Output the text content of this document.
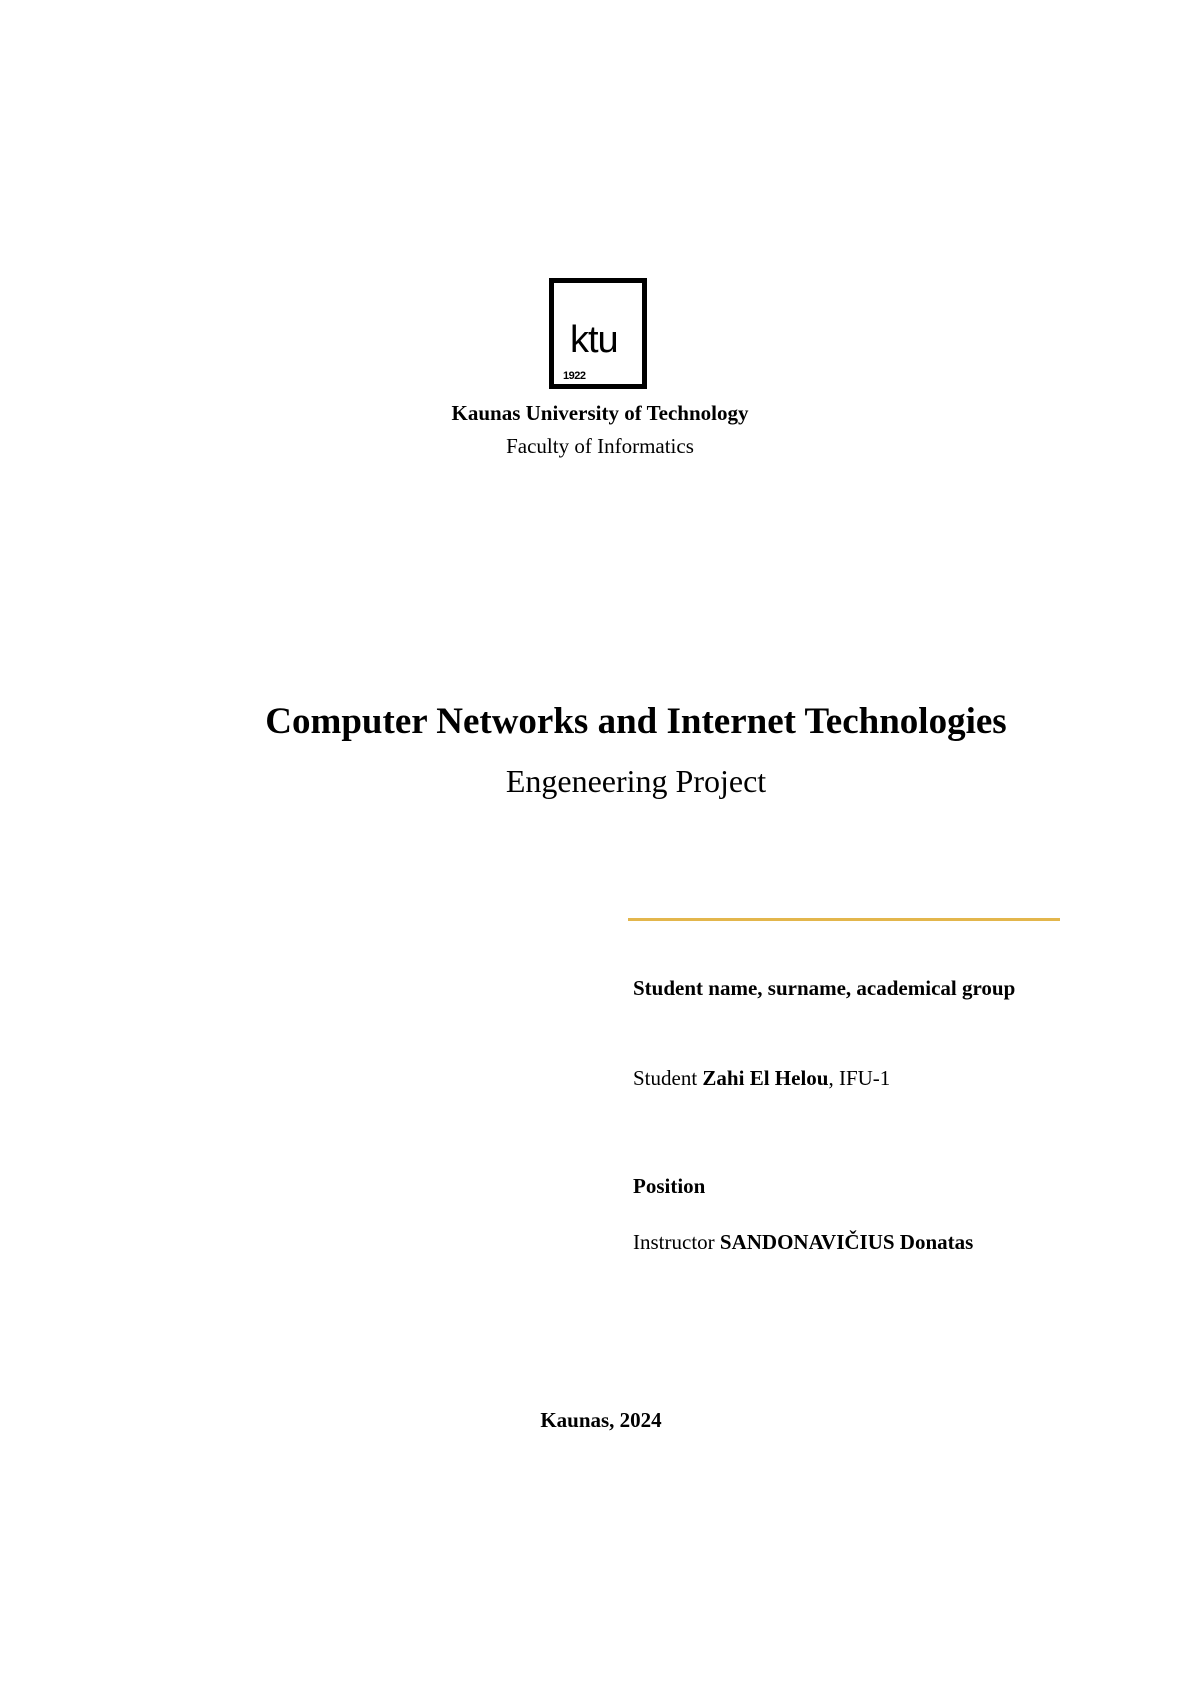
ktu

1922

Kaunas University of Technology
Faculty of Informatics
Computer Networks and Internet Technologies
Engeneering Project
Student name, surname, academical group
Student Zahi El Helou, IFU-1
Position
Instructor SANDONAVIČIUS Donatas
Kaunas, 2024
